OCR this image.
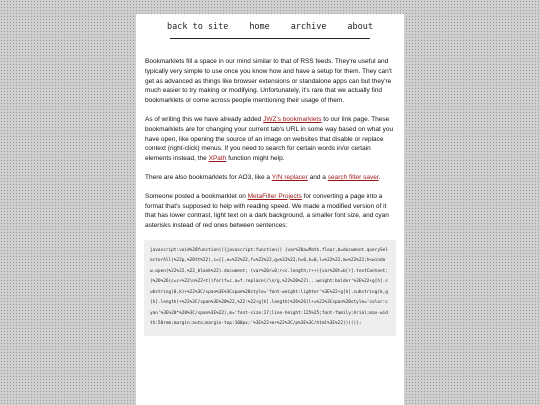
back to site home archive about

Bookmarklets fill a space in our mind similar to that of RSS feeds. They're useful and typically very simple to use once you know how and have a setup for them. They can't get as advanced as things like browser extensions or standalone apps can but they're much easier to try making or modifying. Unfortunately, it's rare that we actually find bookmarklets or come across people mentioning their usage of them.

As of writing this we have already added JWZ's bookmarklets to our link page. These bookmarklets are for changing your current tab's URL in some way based on what you have open, like opening the source of an image on websites that disable or replace context (right-click) menus. If you need to search for certain words in/or certain elements instead, the XPath function might help.

There are also bookmarklets for AO3, like a Y/N replacer and a search filter saver.

Someone posted a bookmarklet on MetaFilter Projects for converting a page into a format that's supposed to help with reading speed. We made a modified version of it that has lower contrast, light text on a dark background, a smaller font size, and cyan asterisks instead of red ones between sentences:

javascript:void%28function(){javascript:function() {var%20a=Math.floor,b=document.querySelectorAll(%22p,%20tt%22),c=[],e=%22%22,f=%22%22,g=%22%22,h=0,k=0,l=%22%22,m=%22%22;h<window.open(%22%22,%22_blank%22).document; (var%20r=0;r<c.length;r++){var%20t=b[r].textContent;(%26%26(c=c+%22\n%22+t))for(f=c.a=f.replace(/\n/g,%22%20%22)...weight:bolder'%3E%22+g[h].substring(0,k)+%22%3C/span%3E%3Cspan%20style='font-weight:lighter'%3E%22+g[h].substring(k,g[h].length)+%22%3C/span%3E%20%22,%22:%22+g[h].length)%26%26(l+=%22%3Cspan%20style='color:cyan'%3E%20*%20%3C/span%3E%22),m='font-size:17;line-height:125%25;font-family:Arial;max-width:50rem;margin:auto;margin-top:100px;'%3E%22+m+%22%3C/p%3E%3C/html%3E%22)))()};
